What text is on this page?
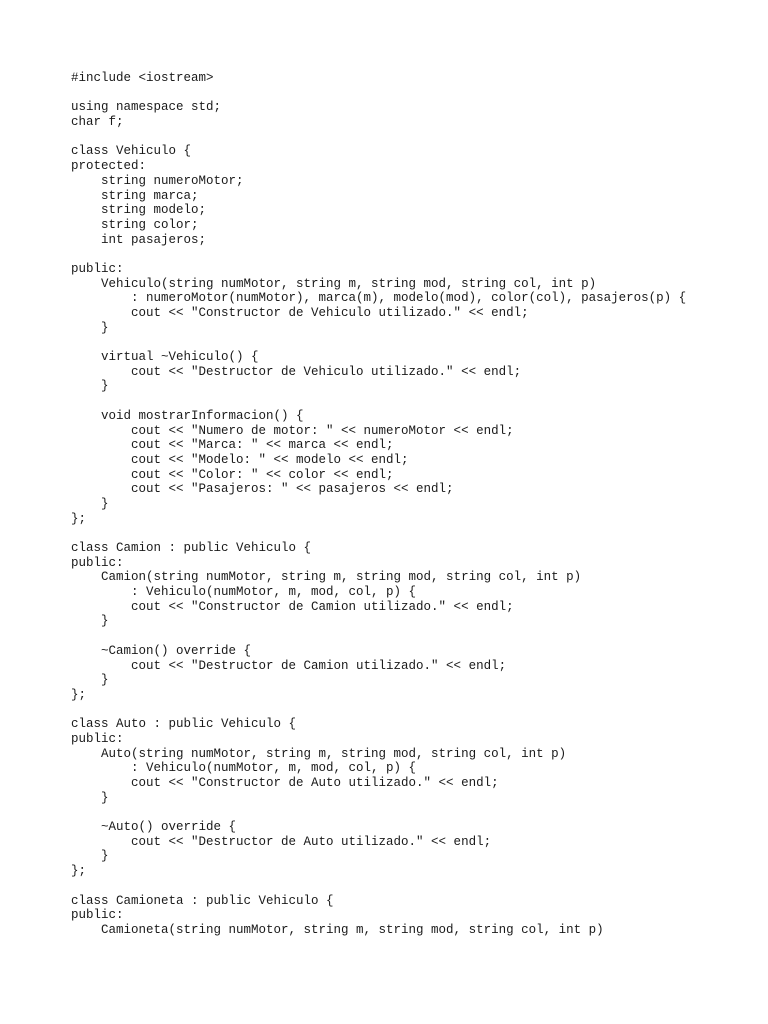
#include <iostream>
using namespace std;
char f;
class Vehiculo {
protected:
string numeroMotor;
string marca;
string modelo;
string color;
int pasajeros;
public:
Vehiculo(string numMotor, string m, string mod, string col, int p)
: numeroMotor(numMotor), marca(m), modelo(mod), color(col), pasajeros(p) {
cout << "Constructor de Vehiculo utilizado." << endl;
}
virtual ~Vehiculo() {
cout << "Destructor de Vehiculo utilizado." << endl;
}
void mostrarInformacion() {
cout << "Numero de motor: " << numeroMotor << endl;
cout << "Marca: " << marca << endl;
cout << "Modelo: " << modelo << endl;
cout << "Color: " << color << endl;
cout << "Pasajeros: " << pasajeros << endl;
}
};
class Camion : public Vehiculo {
public:
Camion(string numMotor, string m, string mod, string col, int p)
: Vehiculo(numMotor, m, mod, col, p) {
cout << "Constructor de Camion utilizado." << endl;
}
~Camion() override {
cout << "Destructor de Camion utilizado." << endl;
}
};
class Auto : public Vehiculo {
public:
Auto(string numMotor, string m, string mod, string col, int p)
: Vehiculo(numMotor, m, mod, col, p) {
cout << "Constructor de Auto utilizado." << endl;
}
~Auto() override {
cout << "Destructor de Auto utilizado." << endl;
}
};
class Camioneta : public Vehiculo {
public:
Camioneta(string numMotor, string m, string mod, string col, int p)
